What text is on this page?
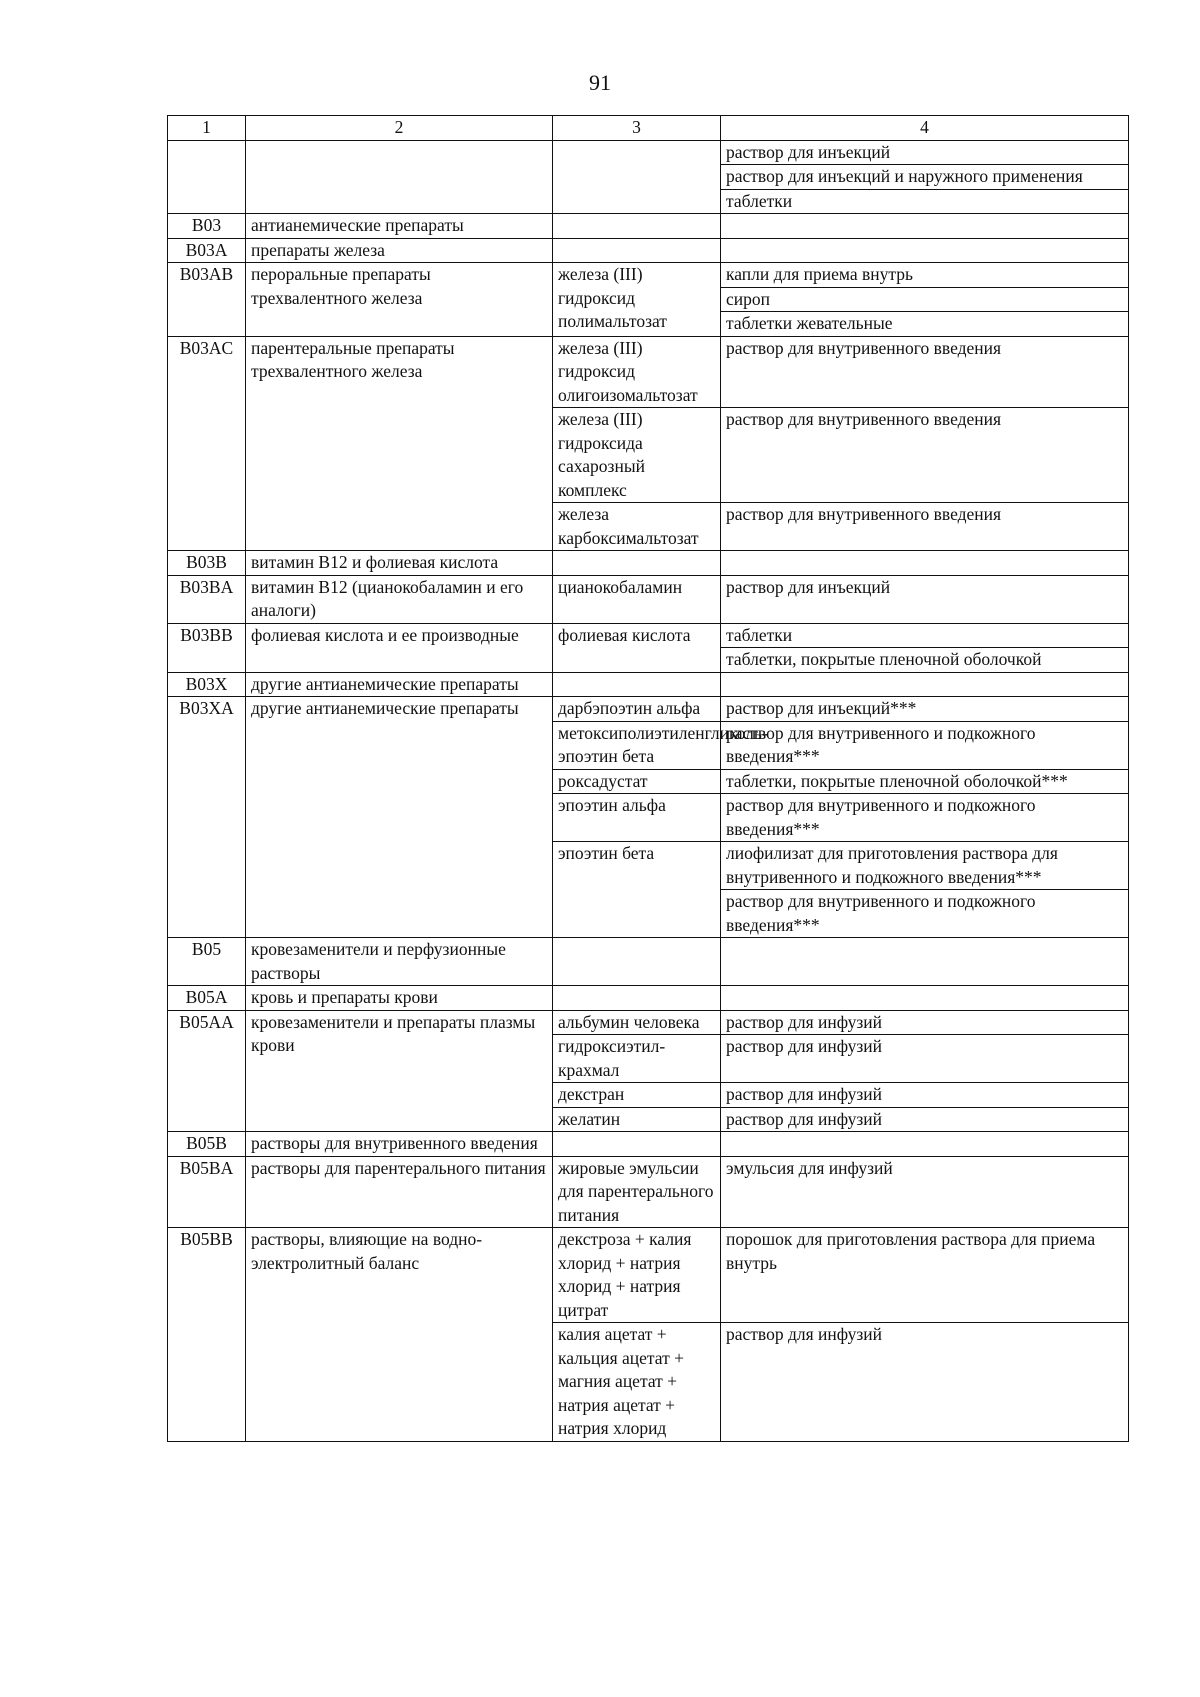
91
1	2	3	4
			раствор для инъекций
			раствор для инъекций и наружного применения
			таблетки
B03	антианемические препараты		
B03A	препараты железа		
B03AB	пероральные препараты трехвалентного железа	железа (III) гидроксид полимальтозат	капли для приема внутрь
			сироп
			таблетки жевательные
B03AC	парентеральные препараты трехвалентного железа	железа (III) гидроксид олигоизомальтозат	раствор для внутривенного введения
		железа (III) гидроксида сахарозный комплекс	раствор для внутривенного введения
		железа карбоксимальтозат	раствор для внутривенного введения
B03B	витамин В12 и фолиевая кислота		
B03BA	витамин В12 (цианокобаламин и его аналоги)	цианокобаламин	раствор для инъекций
B03BB	фолиевая кислота и ее производные	фолиевая кислота	таблетки
			таблетки, покрытые пленочной оболочкой
B03X	другие антианемические препараты		
B03XA	другие антианемические препараты	дарбэпоэтин альфа	раствор для инъекций***
		метоксиполиэтиленгликоль-эпоэтин бета	раствор для внутривенного и подкожного введения***
		роксадустат	таблетки, покрытые пленочной оболочкой***
		эпоэтин альфа	раствор для внутривенного и подкожного введения***
		эпоэтин бета	лиофилизат для приготовления раствора для внутривенного и подкожного введения***
			раствор для внутривенного и подкожного введения***
B05	кровезаменители и перфузионные растворы		
B05A	кровь и препараты крови		
B05AA	кровезаменители и препараты плазмы крови	альбумин человека	раствор для инфузий
		гидроксиэтил-крахмал	раствор для инфузий
		декстран	раствор для инфузий
		желатин	раствор для инфузий
B05B	растворы для внутривенного введения		
B05BA	растворы для парентерального питания	жировые эмульсии для парентерального питания	эмульсия для инфузий
B05BB	растворы, влияющие на водно-электролитный баланс	декстроза + калия хлорид + натрия хлорид + натрия цитрат	порошок для приготовления раствора для приема внутрь
		калия ацетат + кальция ацетат + магния ацетат + натрия ацетат + натрия хлорид	раствор для инфузий
